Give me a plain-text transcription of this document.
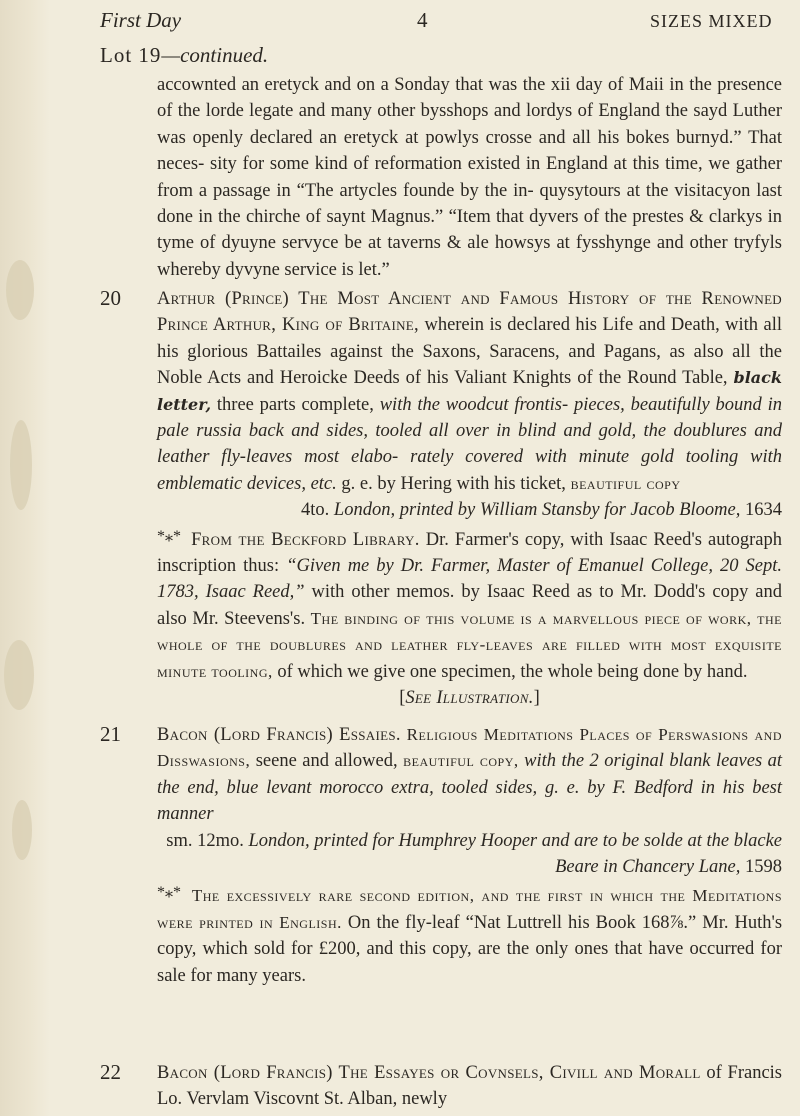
First Day	4	SIZES MIXED
Lot 19—continued.

accownted an eretyck and on a Sonday that was the xii day of Maii in the presence of the lorde legate and many other bysshops and lordys of England the sayd Luther was openly declared an eretyck at powlys crosse and all his bokes burnyd.” That neces- sity for some kind of reformation existed in England at this time, we gather from a passage in “The artycles founde by the in- quysytours at the visitacyon last done in the chirche of saynt Magnus.” “Item that dyvers of the prestes & clarkys in tyme of dyuyne servyce be at taverns & ale howsys at fysshynge and other tryfyls whereby dyvyne service is let.”

20 Arthur (Prince) The Most Ancient and Famous History of the Renowned Prince Arthur, King of Britaine, wherein is declared his Life and Death, with all his glorious Battailes against the Saxons, Saracens, and Pagans, as also all the Noble Acts and Heroicke Deeds of his Valiant Knights of the Round Table, black letter, three parts complete, with the woodcut frontis- pieces, beautifully bound in pale russia back and sides, tooled all over in blind and gold, the doublures and leather fly-leaves most elabo- rately covered with minute gold tooling with emblematic devices, etc. g. e. by Hering with his ticket, beautiful copy

4to. London, printed by William Stansby for Jacob Bloome, 1634

*⁎* From the Beckford Library. Dr. Farmer's copy, with Isaac Reed's autograph inscription thus: “Given me by Dr. Farmer, Master of Emanuel College, 20 Sept. 1783, Isaac Reed,” with other memos. by Isaac Reed as to Mr. Dodd's copy and also Mr. Steevens's. The binding of this volume is a marvellous piece of work, the whole of the doublures and leather fly-leaves are filled with most exquisite minute tooling, of which we give one specimen, the whole being done by hand.

[See Illustration.]

21 Bacon (Lord Francis) Essaies. Religious Meditations Places of Perswasions and Disswasions, seene and allowed, beautiful copy, with the 2 original blank leaves at the end, blue levant morocco extra, tooled sides, g. e. by F. Bedford in his best manner

sm. 12mo. London, printed for Humphrey Hooper and are to be solde at the blacke Beare in Chancery Lane, 1598

*⁎* The excessively rare second edition, and the first in which the Meditations were printed in English. On the fly-leaf “Nat Luttrell his Book 168⅞.” Mr. Huth's copy, which sold for £200, and this copy, are the only ones that have occurred for sale for many years.

22 Bacon (Lord Francis) The Essayes or Covnsels, Civill and Morall of Francis Lo. Vervlam Viscovnt St. Alban, newly
